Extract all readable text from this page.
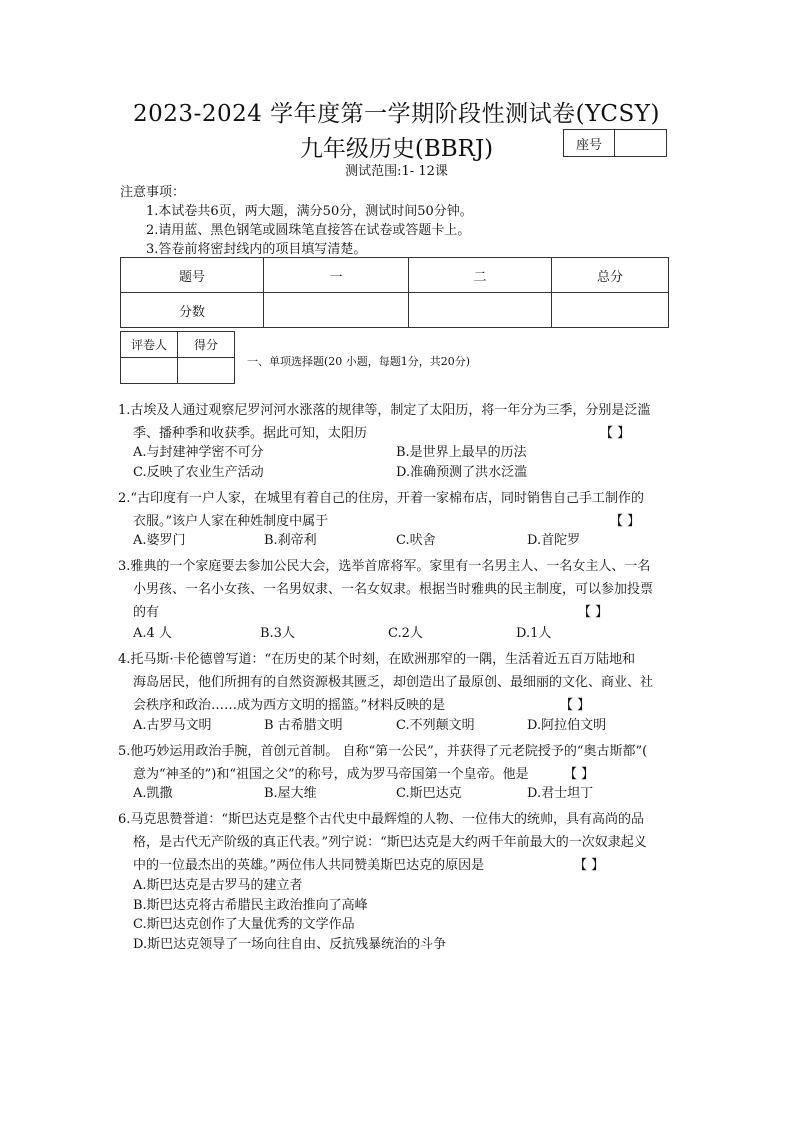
2023-2024 学年度第一学期阶段性测试卷(YCSY)
九年级历史(BBRJ)	座号
测试范围:1- 12课
注意事项：
1.本试卷共6页，两大题，满分50分，测试时间50分钟。
2.请用蓝、黑色钢笔或圆珠笔直接答在试卷或答题卡上。
3.答卷前将密封线内的项目填写清楚。
题号	一	二	总分
分数			
评卷人	得分

一、单项选择题(20 小题，每题1分，共20分)
1.古埃及人通过观察尼罗河河水涨落的规律等，制定了太阳历，将一年分为三季，分别是泛滥
季、播种季和收获季。据此可知，太阳历	【 】
A.与封建神学密不可分	B.是世界上最早的历法
C.反映了农业生产活动	D.准确预测了洪水泛滥
2.“古印度有一户人家，在城里有着自己的住房，开着一家棉布店，同时销售自己手工制作的
衣服。”该户人家在种姓制度中属于	【 】
A.婆罗门	B.刹帝利	C.吠舍	D.首陀罗
3.雅典的一个家庭要去参加公民大会，选举首席将军。家里有一名男主人、一名女主人、一名
小男孩、一名小女孩、一名男奴隶、一名女奴隶。根据当时雅典的民主制度，可以参加投票
的有	【 】
A.4 人	B.3人	C.2人	D.1人
4.托马斯·卡伦德曾写道：“在历史的某个时刻，在欧洲那窄的一隅，生活着近五百万陆地和
海岛居民，他们所拥有的自然资源极其匮乏，却创造出了最原创、最细丽的文化、商业、社
会秩序和政治……成为西方文明的摇篮。”材料反映的是	【 】
A.古罗马文明	B 古希腊文明	C.不列颠文明	D.阿拉伯文明
5.他巧妙运用政治手腕，首创元首制。 自称“第一公民”，并获得了元老院授予的“奥古斯都”(
意为“神圣的”)和“祖国之父”的称号，成为罗马帝国第一个皇帝。他是	【 】
A.凯撒	B.屋大维	C.斯巴达克	D.君士坦丁
6.马克思赞誉道：“斯巴达克是整个古代史中最辉煌的人物、一位伟大的统帅，具有高尚的品
格，是古代无产阶级的真正代表。”列宁说：“斯巴达克是大约两千年前最大的一次奴隶起义
中的一位最杰出的英雄。”两位伟人共同赞美斯巴达克的原因是	【 】
A.斯巴达克是古罗马的建立者
B.斯巴达克将古希腊民主政治推向了高峰
C.斯巴达克创作了大量优秀的文学作品
D.斯巴达克领导了一场向往自由、反抗残暴统治的斗争
